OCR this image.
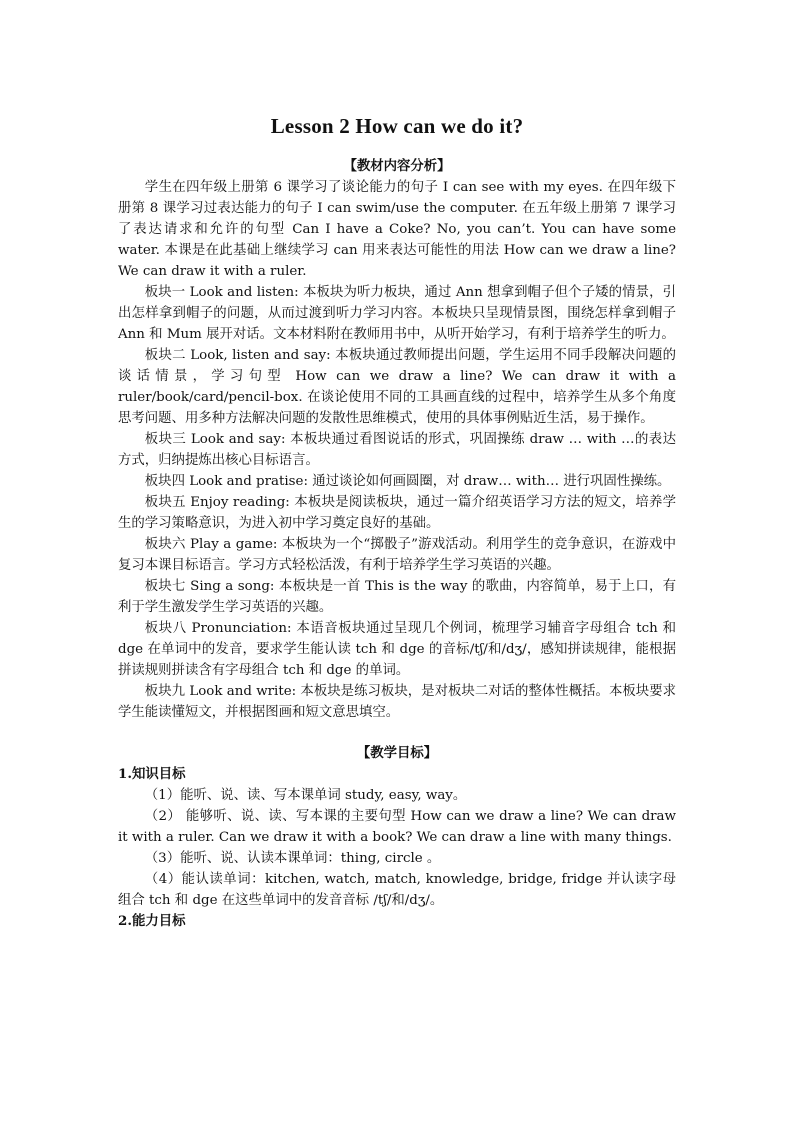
Lesson 2 How can we do it?
【教材内容分析】

学生在四年级上册第 6 课学习了谈论能力的句子 I can see with my eyes. 在四年级下册第 8 课学习过表达能力的句子 I can swim/use the computer. 在五年级上册第 7 课学习了表达请求和允许的句型 Can I have a Coke? No, you can’t. You can have some water. 本课是在此基础上继续学习 can 用来表达可能性的用法 How can we draw a line? We can draw it with a ruler.

板块一 Look and listen: 本板块为听力板块，通过 Ann 想拿到帽子但个子矮的情景，引出怎样拿到帽子的问题，从而过渡到听力学习内容。本板块只呈现情景图，围绕怎样拿到帽子 Ann 和 Mum 展开对话。文本材料附在教师用书中，从听开始学习，有利于培养学生的听力。

板块二 Look, listen and say: 本板块通过教师提出问题，学生运用不同手段解决问题的谈话情景，学习句型 How can we draw a line? We can draw it with a ruler/book/card/pencil-box. 在谈论使用不同的工具画直线的过程中，培养学生从多个角度思考问题、用多种方法解决问题的发散性思维模式，使用的具体事例贴近生活，易于操作。

板块三 Look and say: 本板块通过看图说话的形式，巩固操练 draw … with …的表达方式，归纳提炼出核心目标语言。

板块四 Look and pratise: 通过谈论如何画圆圈，对 draw… with… 进行巩固性操练。

板块五 Enjoy reading: 本板块是阅读板块，通过一篇介绍英语学习方法的短文，培养学生的学习策略意识，为进入初中学习奠定良好的基础。

板块六 Play a game: 本板块为一个“掷骰子”游戏活动。利用学生的竞争意识，在游戏中复习本课目标语言。学习方式轻松活泼，有利于培养学生学习英语的兴趣。

板块七 Sing a song: 本板块是一首 This is the way 的歌曲，内容简单，易于上口，有利于学生激发学生学习英语的兴趣。

板块八 Pronunciation: 本语音板块通过呈现几个例词，梳理学习辅音字母组合 tch 和 dge 在单词中的发音，要求学生能认读 tch 和 dge 的音标/tʃ/和/dʒ/，感知拼读规律，能根据拼读规则拼读含有字母组合 tch 和 dge 的单词。

板块九 Look and write: 本板块是练习板块，是对板块二对话的整体性概括。本板块要求学生能读懂短文，并根据图画和短文意思填空。

【教学目标】
1.知识目标

（1）能听、说、读、写本课单词 study, easy, way。

（2） 能够听、说、读、写本课的主要句型 How can we draw a line? We can draw it with a ruler. Can we draw it with a book? We can draw a line with many things.

（3）能听、说、认读本课单词：thing, circle 。

（4）能认读单词：kitchen, watch, match, knowledge, bridge, fridge 并认读字母组合 tch 和 dge 在这些单词中的发音音标 /tʃ/和/dʒ/。

2.能力目标
